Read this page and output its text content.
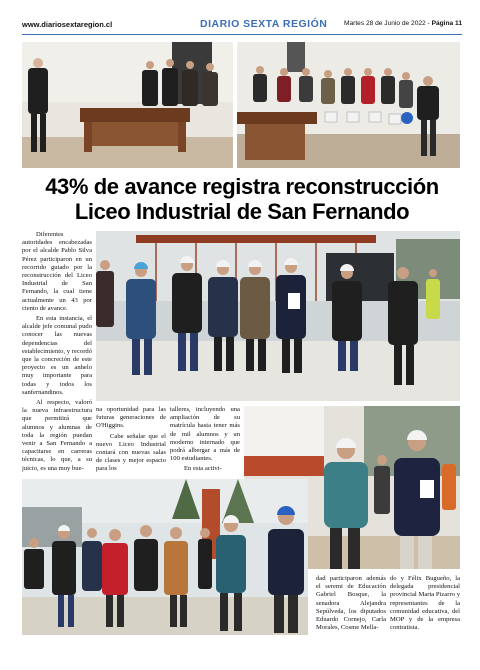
www.diariosextaregion.cl	DIARIO SEXTA REGIÓN	Martes 28 de Junio de 2022 - Página 11
43% de avance registra reconstrucción
Liceo Industrial de San Fernando

Diferentes autoridades encabezadas por el alcalde Pablo Silva Pérez participaron en un recorrido guiado por la reconstrucción del Liceo Industrial de San Fernando, la cual tiene actualmente un 43 por ciento de avance.

En esta instancia, el alcalde jefe comunal pudo conocer las nuevas dependencias del establecimiento, y recordó que la concreción de este proyecto es un anhelo muy importante para todas y todos los sanfernandinos.

Al respecto, valoró la nueva infraestructura que permitirá que alumnos y alumnas de toda la región puedan venir a San Fernando a capacitarse en carreras técnicas, lo que, a su juicio, es una muy bue-

na oportunidad para las futuras generaciones de O'Higgins.

Cabe señalar que el nuevo Liceo Industrial contará con nuevas salas de clases y mejor espacio para los

talleres, incluyendo una ampliación de su matrícula hasta tener más de mil alumnos y un moderno internado que podrá albergar a más de 100 estudiantes.

En esta activi-

dad participaron además el seremi de Educación Gabriel Bosque, la senadora Alejandra Sepúlveda, los diputados Eduardo Cornejo, Carla Morales, Cosme Mella-

do y Félix Bugueño, la delegada presidencial provincial Marta Pizarro y representantes de la comunidad educativa, del MOP y de la empresa contratista.
